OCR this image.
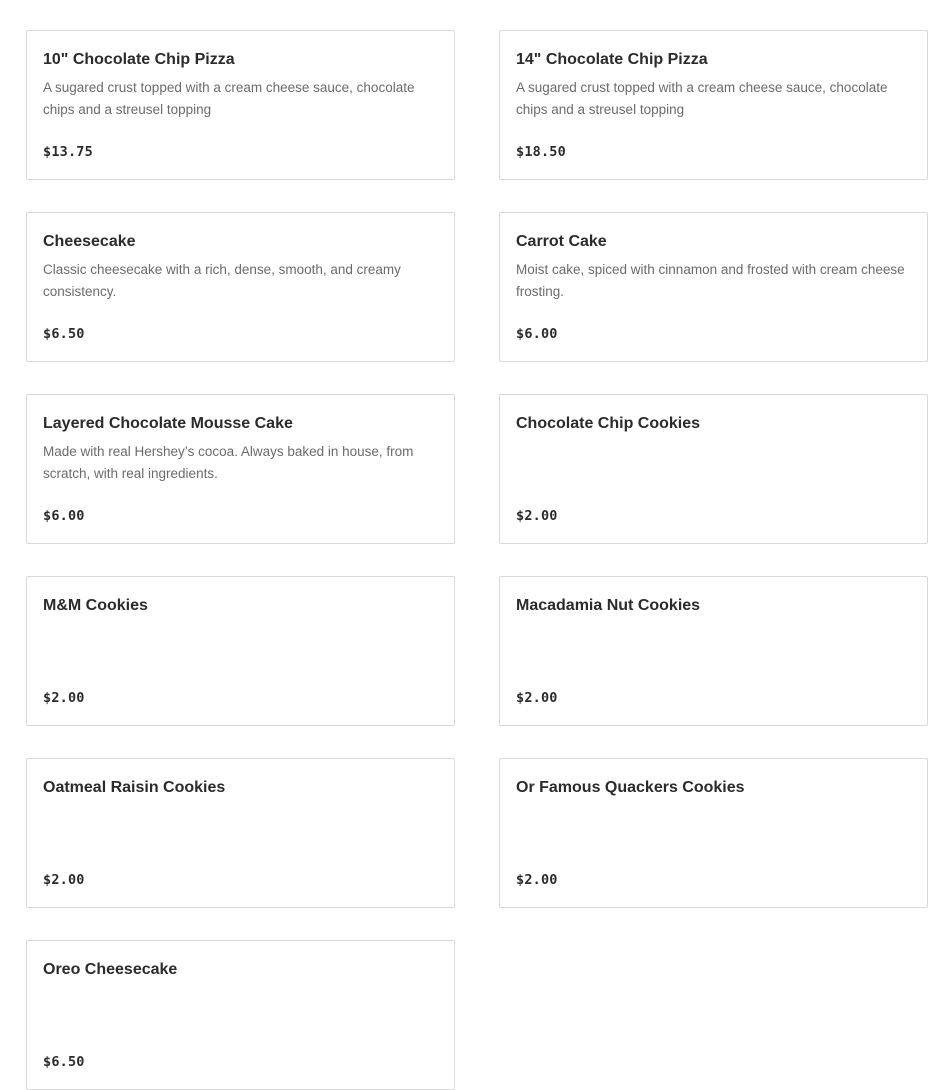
10" Chocolate Chip Pizza
A sugared crust topped with a cream cheese sauce, chocolate chips and a streusel topping
$13.75
14" Chocolate Chip Pizza
A sugared crust topped with a cream cheese sauce, chocolate chips and a streusel topping
$18.50
Cheesecake
Classic cheesecake with a rich, dense, smooth, and creamy consistency.
$6.50
Carrot Cake
Moist cake, spiced with cinnamon and frosted with cream cheese frosting.
$6.00
Layered Chocolate Mousse Cake
Made with real Hershey’s cocoa. Always baked in house, from scratch, with real ingredients.
$6.00
Chocolate Chip Cookies
$2.00
M&M Cookies
$2.00
Macadamia Nut Cookies
$2.00
Oatmeal Raisin Cookies
$2.00
Or Famous Quackers Cookies
$2.00
Oreo Cheesecake
$6.50
